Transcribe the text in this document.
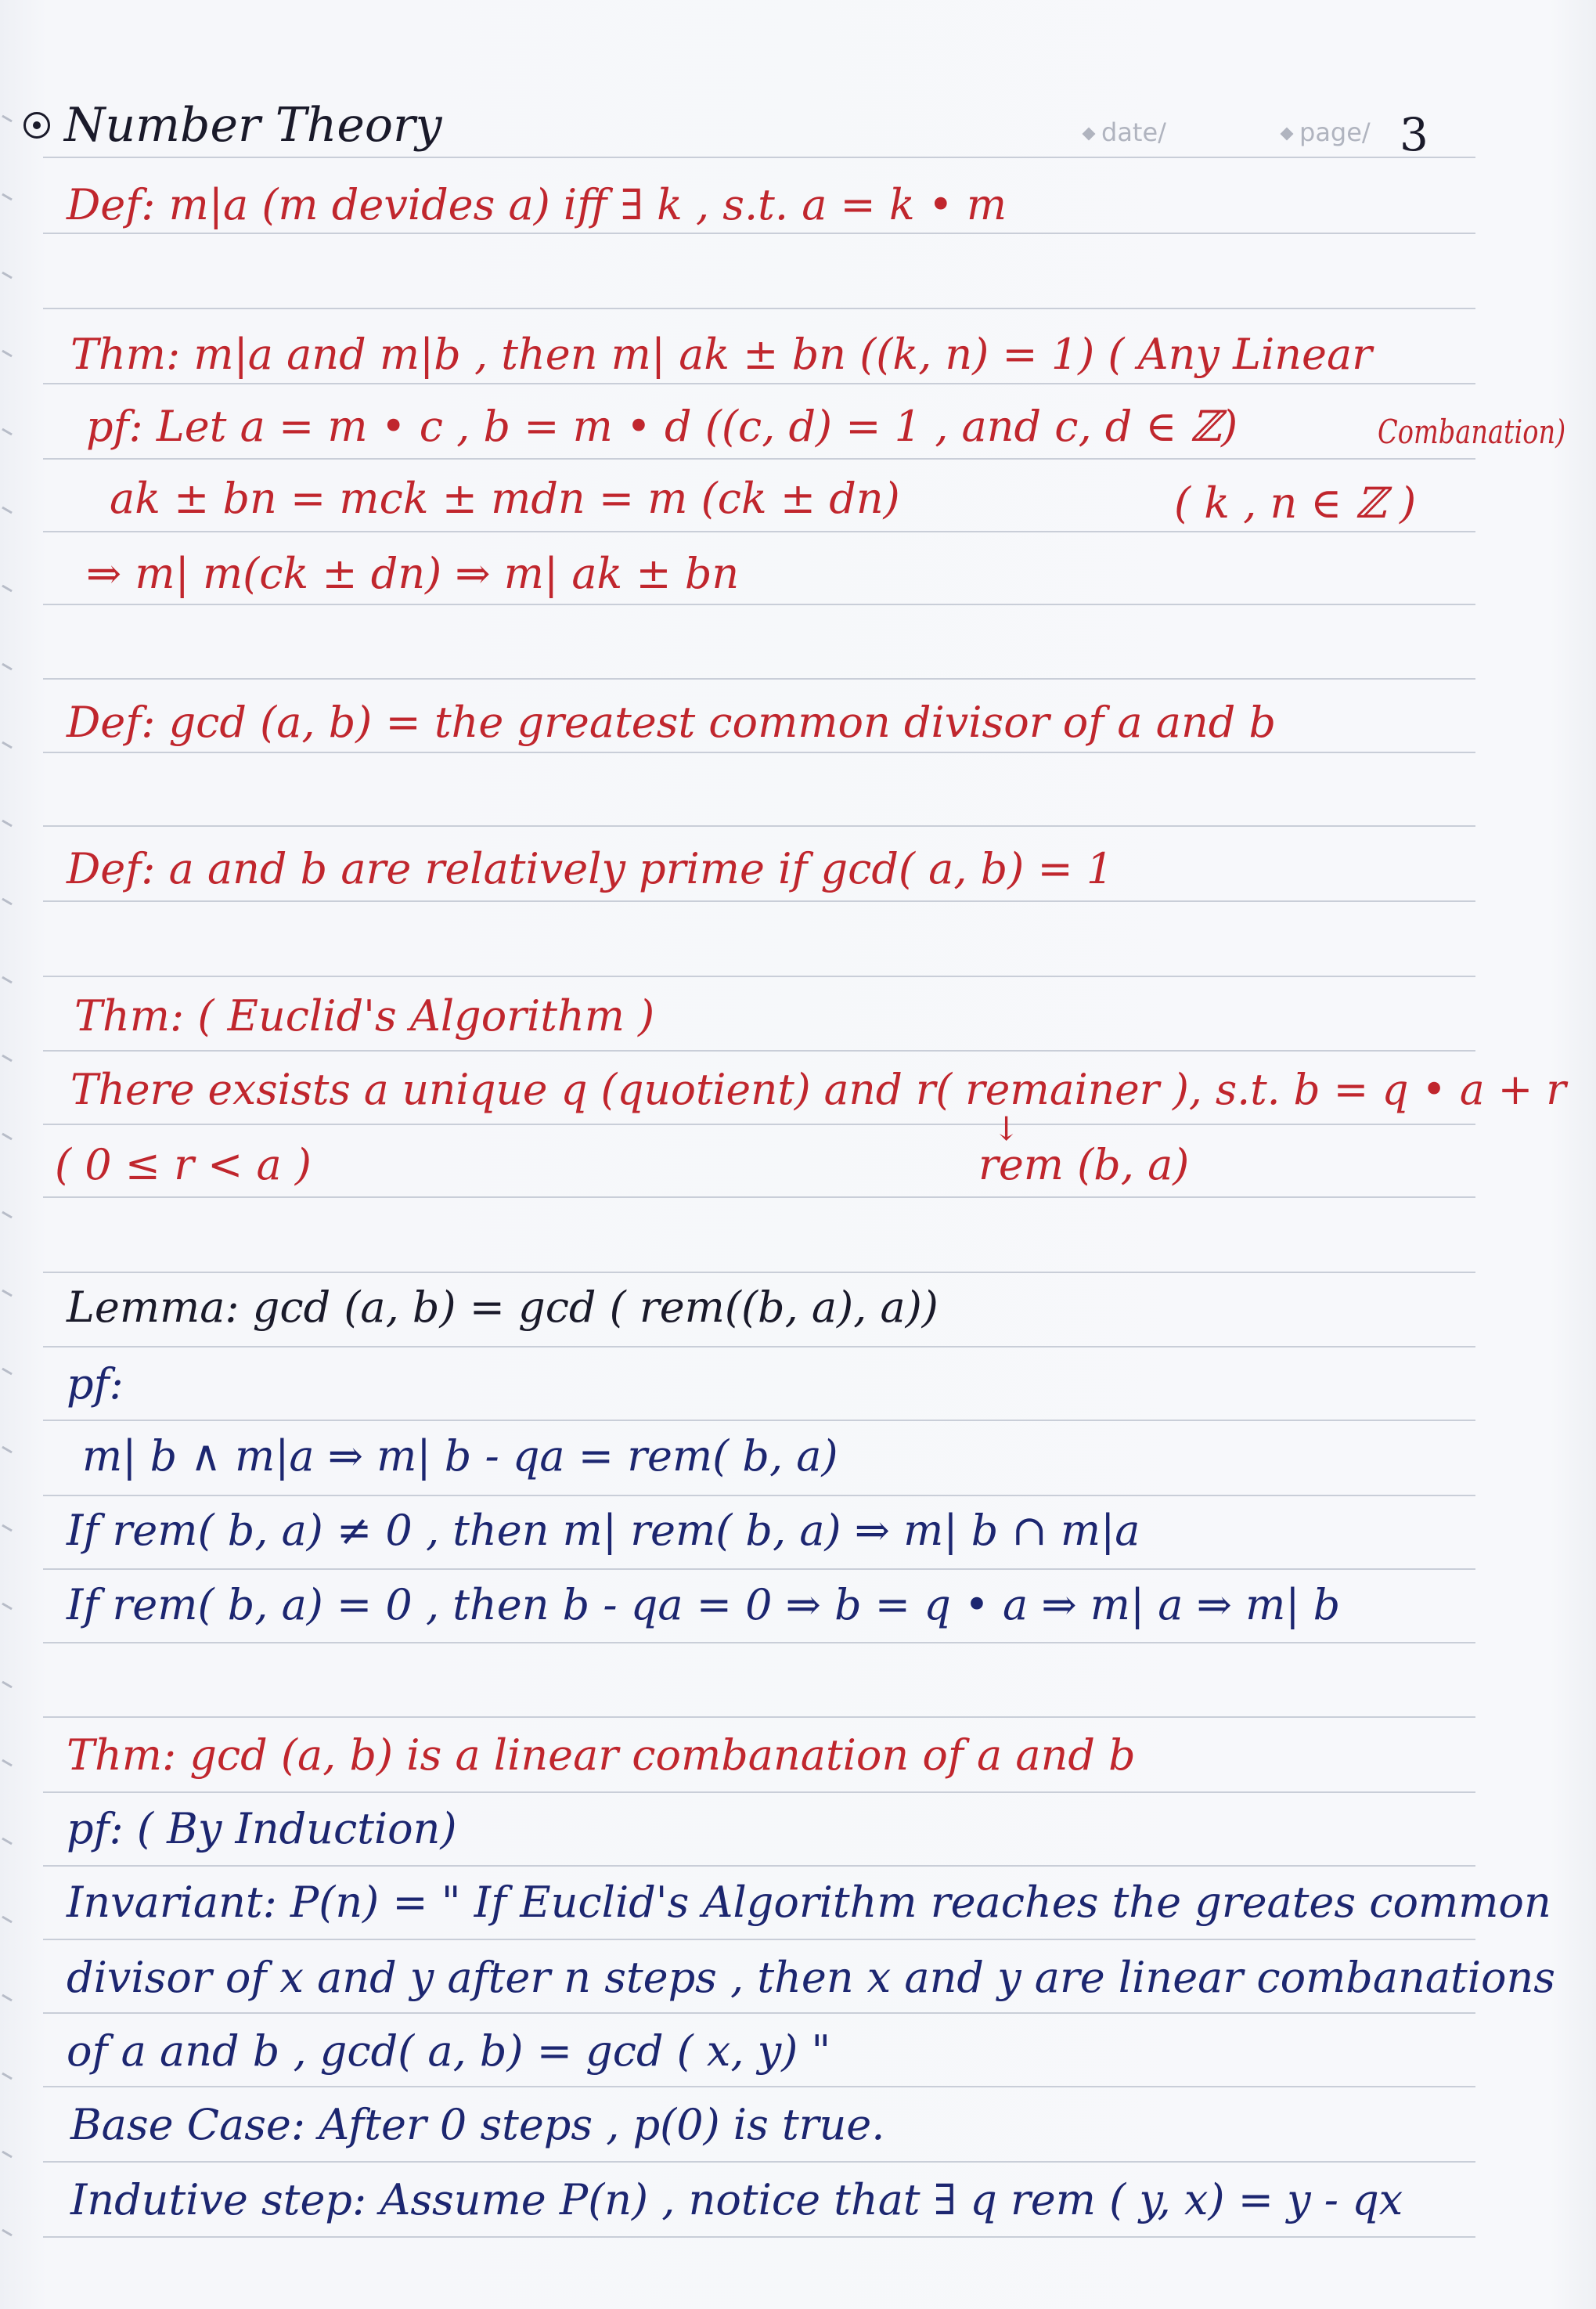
Number Theory	date/	page/ 3
Def: m|a (m devides a) iff ∃ k , s.t. a = k • m
Thm: m|a and m|b , then m| ak ± bn ((k, n) = 1) ( Any Linear
pf: Let a = m • c , b = m • d ((c, d) = 1 , and c, d ∈ ℤ)	Combanation)
ak ± bn = mck ± mdn = m (ck ± dn)	( k , n ∈ ℤ )
⇒ m| m(ck ± dn) ⇒ m| ak ± bn
Def: gcd (a, b) = the greatest common divisor of a and b
Def: a and b are relatively prime if gcd( a, b) = 1
Thm: ( Euclid's Algorithm )
There exsists a unique q (quotient) and r( remainer ), s.t. b = q • a + r
( 0 ≤ r < a )
↓
rem (b, a)
Lemma: gcd (a, b) = gcd ( rem((b, a), a))
pf:
m| b ∧ m|a ⇒ m| b - qa = rem( b, a)
If rem( b, a) ≠ 0 , then m| rem( b, a) ⇒ m| b ∩ m|a
If rem( b, a) = 0 , then b - qa = 0 ⇒ b = q • a ⇒ m| a ⇒ m| b
Thm: gcd (a, b) is a linear combanation of a and b
pf: ( By Induction)
Invariant: P(n) = " If Euclid's Algorithm reaches the greates common
divisor of x and y after n steps , then x and y are linear combanations
of a and b , gcd( a, b) = gcd ( x, y) "
Base Case: After 0 steps , p(0) is true.
Indutive step: Assume P(n) , notice that ∃ q rem ( y, x) = y - qx
